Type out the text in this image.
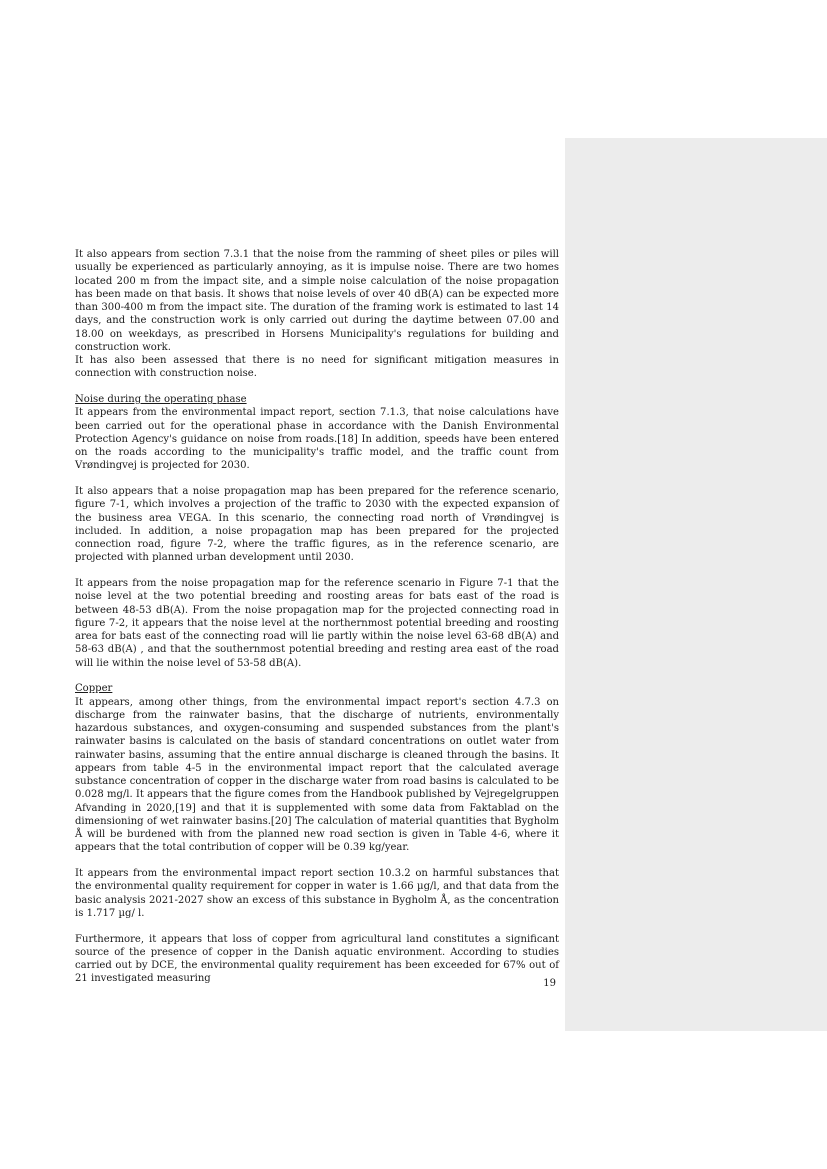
It also appears from section 7.3.1 that the noise from the ramming of sheet piles or piles will usually be experienced as particularly annoying, as it is impulse noise. There are two homes located 200 m from the impact site, and a simple noise calculation of the noise propagation has been made on that basis. It shows that noise levels of over 40 dB(A) can be expected more than 300-400 m from the impact site. The duration of the framing work is estimated to last 14 days, and the construction work is only carried out during the daytime between 07.00 and 18.00 on weekdays, as prescribed in Horsens Municipality's regulations for building and construction work.

It has also been assessed that there is no need for significant mitigation measures in connection with construction noise.

Noise during the operating phase

It appears from the environmental impact report, section 7.1.3, that noise calculations have been carried out for the operational phase in accordance with the Danish Environmental Protection Agency's guidance on noise from roads.[18] In addition, speeds have been entered on the roads according to the municipality's traffic model, and the traffic count from Vrøndingvej is projected for 2030.

It also appears that a noise propagation map has been prepared for the reference scenario, figure 7-1, which involves a projection of the traffic to 2030 with the expected expansion of the business area VEGA. In this scenario, the connecting road north of Vrøndingvej is included. In addition, a noise propagation map has been prepared for the projected connection road, figure 7-2, where the traffic figures, as in the reference scenario, are projected with planned urban development until 2030.

It appears from the noise propagation map for the reference scenario in Figure 7-1 that the noise level at the two potential breeding and roosting areas for bats east of the road is between 48-53 dB(A). From the noise propagation map for the projected connecting road in figure 7-2, it appears that the noise level at the northernmost potential breeding and roosting area for bats east of the connecting road will lie partly within the noise level 63-68 dB(A) and 58-63 dB(A) , and that the southernmost potential breeding and resting area east of the road will lie within the noise level of 53-58 dB(A).

Copper

It appears, among other things, from the environmental impact report's section 4.7.3 on discharge from the rainwater basins, that the discharge of nutrients, environmentally hazardous substances, and oxygen-consuming and suspended substances from the plant's rainwater basins is calculated on the basis of standard concentrations on outlet water from rainwater basins, assuming that the entire annual discharge is cleaned through the basins. It appears from table 4-5 in the environmental impact report that the calculated average substance concentration of copper in the discharge water from road basins is calculated to be 0.028 mg/l. It appears that the figure comes from the Handbook published by Vejregelgruppen Afvanding in 2020,[19] and that it is supplemented with some data from Faktablad on the dimensioning of wet rainwater basins.[20] The calculation of material quantities that Bygholm Å will be burdened with from the planned new road section is given in Table 4-6, where it appears that the total contribution of copper will be 0.39 kg/year.

It appears from the environmental impact report section 10.3.2 on harmful substances that the environmental quality requirement for copper in water is 1.66 µg/l, and that data from the basic analysis 2021-2027 show an excess of this substance in Bygholm Å, as the concentration is 1.717 µg/ l.

Furthermore, it appears that loss of copper from agricultural land constitutes a significant source of the presence of copper in the Danish aquatic environment. According to studies carried out by DCE, the environmental quality requirement has been exceeded for 67% out of 21 investigated measuring	19
